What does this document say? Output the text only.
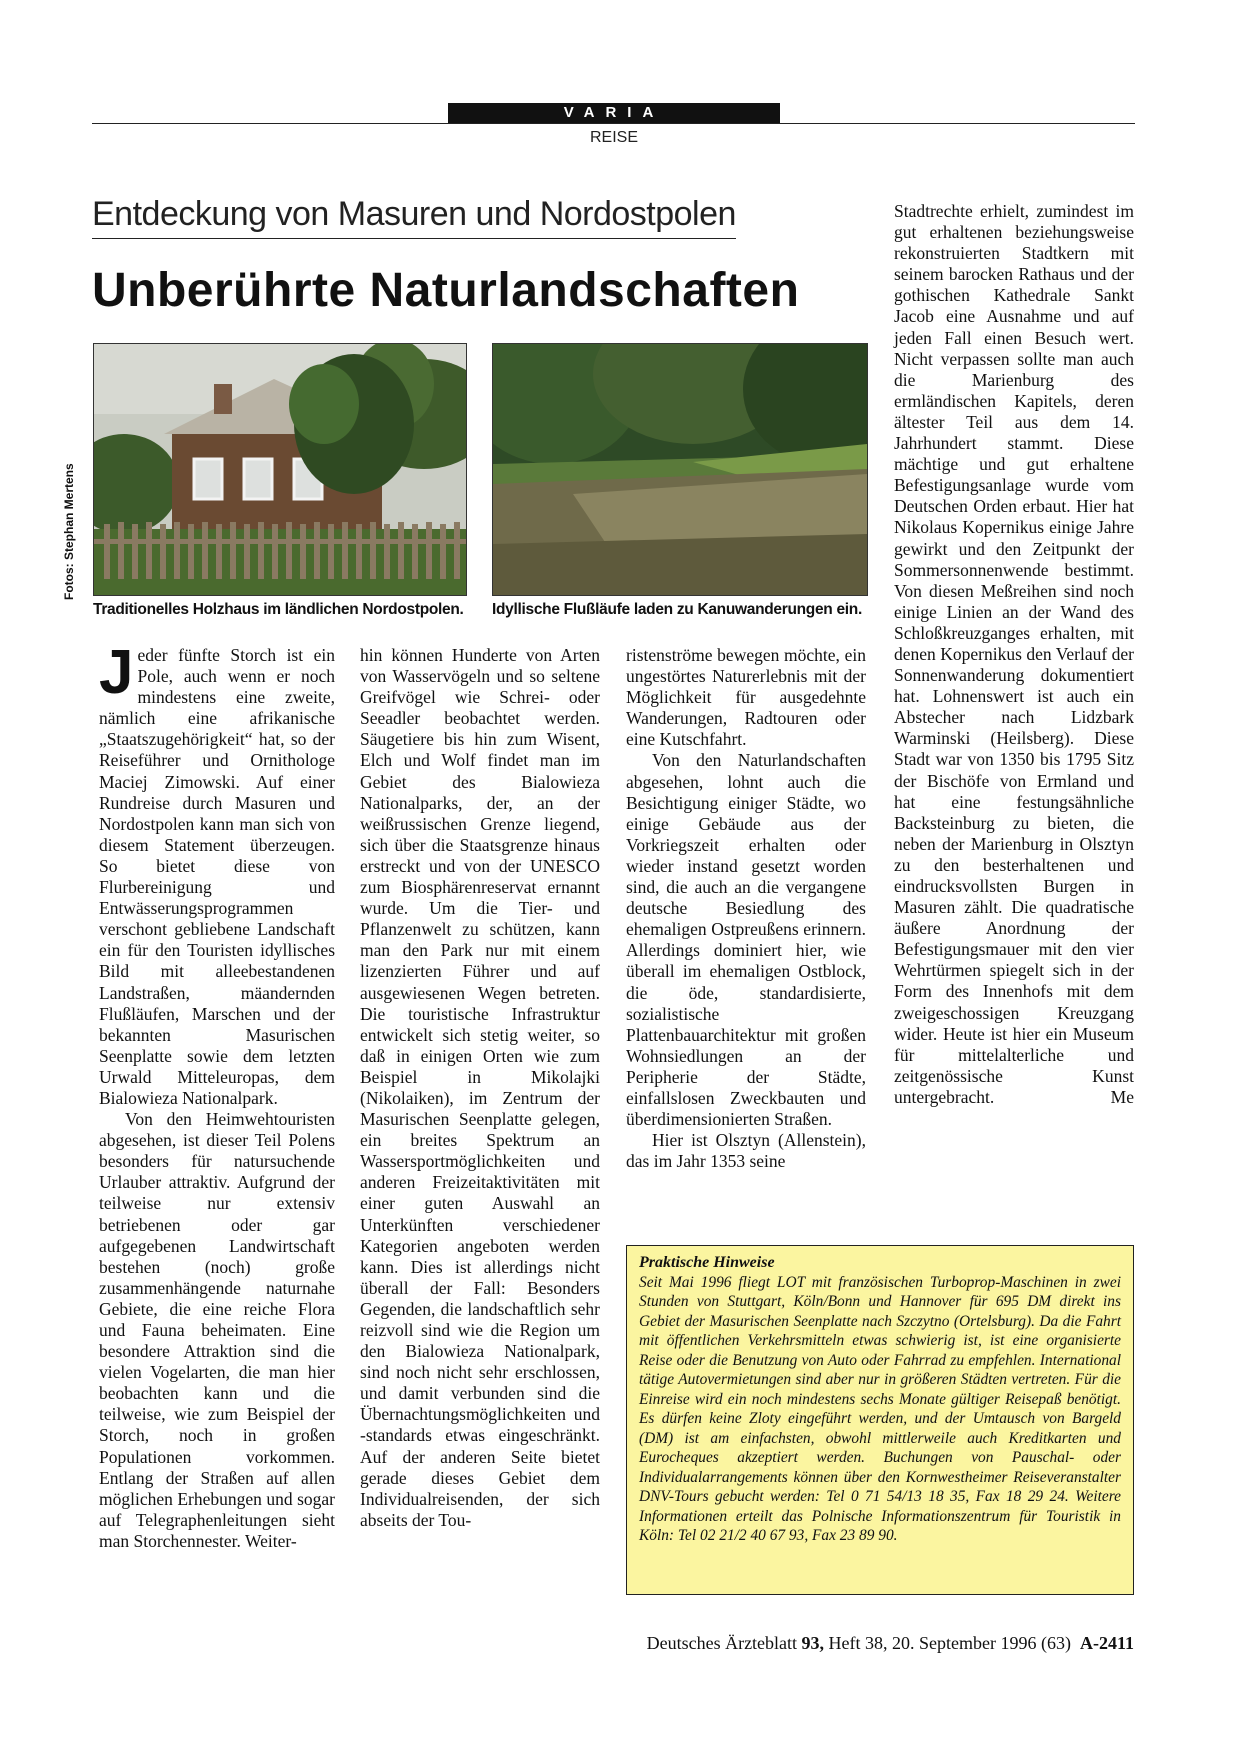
VARIA
REISE
Entdeckung von Masuren und Nordostpolen
Unberührte Naturlandschaften
Fotos: Stephan Mertens
Traditionelles Holzhaus im ländlichen Nordostpolen. Idyllische Flußläufe laden zu Kanuwanderungen ein.

Jeder fünfte Storch ist ein Pole, auch wenn er noch mindestens eine zweite, nämlich eine afrikanische „Staatszugehörigkeit“ hat, so der Reiseführer und Ornithologe Maciej Zimowski. Auf einer Rundreise durch Masuren und Nordostpolen kann man sich von diesem Statement überzeugen. So bietet diese von Flurbereinigung und Entwässerungsprogrammen verschont gebliebene Landschaft ein für den Touristen idyllisches Bild mit alleebestandenen Landstraßen, mäandernden Flußläufen, Marschen und der bekannten Masurischen Seenplatte sowie dem letzten Urwald Mitteleuropas, dem Bialowieza Nationalpark.

Von den Heimwehtouristen abgesehen, ist dieser Teil Polens besonders für natursuchende Urlauber attraktiv. Aufgrund der teilweise nur extensiv betriebenen oder gar aufgegebenen Landwirtschaft bestehen (noch) große zusammenhängende naturnahe Gebiete, die eine reiche Flora und Fauna beheimaten. Eine besondere Attraktion sind die vielen Vogelarten, die man hier beobachten kann und die teilweise, wie zum Beispiel der Storch, noch in großen Populationen vorkommen. Entlang der Straßen auf allen möglichen Erhebungen und sogar auf Telegraphenleitungen sieht man Storchennester. Weiter-

hin können Hunderte von Arten von Wasservögeln und so seltene Greifvögel wie Schrei- oder Seeadler beobachtet werden. Säugetiere bis hin zum Wisent, Elch und Wolf findet man im Gebiet des Bialowieza Nationalparks, der, an der weißrussischen Grenze liegend, sich über die Staatsgrenze hinaus erstreckt und von der UNESCO zum Biosphärenreservat ernannt wurde. Um die Tier- und Pflanzenwelt zu schützen, kann man den Park nur mit einem lizenzierten Führer und auf ausgewiesenen Wegen betreten. Die touristische Infrastruktur entwickelt sich stetig weiter, so daß in einigen Orten wie zum Beispiel in Mikolajki (Nikolaiken), im Zentrum der Masurischen Seenplatte gelegen, ein breites Spektrum an Wassersportmöglichkeiten und anderen Freizeitaktivitäten mit einer guten Auswahl an Unterkünften verschiedener Kategorien angeboten werden kann. Dies ist allerdings nicht überall der Fall: Besonders Gegenden, die landschaftlich sehr reizvoll sind wie die Region um den Bialowieza Nationalpark, sind noch nicht sehr erschlossen, und damit verbunden sind die Übernachtungsmöglichkeiten und -standards etwas eingeschränkt. Auf der anderen Seite bietet gerade dieses Gebiet dem Individualreisenden, der sich abseits der Tou-

ristenströme bewegen möchte, ein ungestörtes Naturerlebnis mit der Möglichkeit für ausgedehnte Wanderungen, Radtouren oder eine Kutschfahrt.

Von den Naturlandschaften abgesehen, lohnt auch die Besichtigung einiger Städte, wo einige Gebäude aus der Vorkriegszeit erhalten oder wieder instand gesetzt worden sind, die auch an die vergangene deutsche Besiedlung des ehemaligen Ostpreußens erinnern. Allerdings dominiert hier, wie überall im ehemaligen Ostblock, die öde, standardisierte, sozialistische Plattenbauarchitektur mit großen Wohnsiedlungen an der Peripherie der Städte, einfallslosen Zweckbauten und überdimensionierten Straßen.

Hier ist Olsztyn (Allenstein), das im Jahr 1353 seine

Stadtrechte erhielt, zumindest im gut erhaltenen beziehungsweise rekonstruierten Stadtkern mit seinem barocken Rathaus und der gothischen Kathedrale Sankt Jacob eine Ausnahme und auf jeden Fall einen Besuch wert. Nicht verpassen sollte man auch die Marienburg des ermländischen Kapitels, deren ältester Teil aus dem 14. Jahrhundert stammt. Diese mächtige und gut erhaltene Befestigungsanlage wurde vom Deutschen Orden erbaut. Hier hat Nikolaus Kopernikus einige Jahre gewirkt und den Zeitpunkt der Sommersonnenwende bestimmt. Von diesen Meßreihen sind noch einige Linien an der Wand des Schloßkreuzganges erhalten, mit denen Kopernikus den Verlauf der Sonnenwanderung dokumentiert hat. Lohnenswert ist auch ein Abstecher nach Lidzbark Warminski (Heilsberg). Diese Stadt war von 1350 bis 1795 Sitz der Bischöfe von Ermland und hat eine festungsähnliche Backsteinburg zu bieten, die neben der Marienburg in Olsztyn zu den besterhaltenen und eindrucksvollsten Burgen in Masuren zählt. Die quadratische äußere Anordnung der Befestigungsmauer mit den vier Wehrtürmen spiegelt sich in der Form des Innenhofs mit dem zweigeschossigen Kreuzgang wider. Heute ist hier ein Museum für mittelalterliche und zeitgenössische Kunst untergebracht.	Me

Praktische Hinweise
Seit Mai 1996 fliegt LOT mit französischen Turboprop-Maschinen in zwei Stunden von Stuttgart, Köln/Bonn und Hannover für 695 DM direkt ins Gebiet der Masurischen Seenplatte nach Szczytno (Ortelsburg). Da die Fahrt mit öffentlichen Verkehrsmitteln etwas schwierig ist, ist eine organisierte Reise oder die Benutzung von Auto oder Fahrrad zu empfehlen. International tätige Autovermietungen sind aber nur in größeren Städten vertreten. Für die Einreise wird ein noch mindestens sechs Monate gültiger Reisepaß benötigt. Es dürfen keine Zloty eingeführt werden, und der Umtausch von Bargeld (DM) ist am einfachsten, obwohl mittlerweile auch Kreditkarten und Eurocheques akzeptiert werden. Buchungen von Pauschal- oder Individualarrangements können über den Kornwestheimer Reiseveranstalter DNV-Tours gebucht werden: Tel 0 71 54/13 18 35, Fax 18 29 24. Weitere Informationen erteilt das Polnische Informationszentrum für Touristik in Köln: Tel 02 21/2 40 67 93, Fax 23 89 90.
Deutsches Ärzteblatt 93, Heft 38, 20. September 1996 (63) A-2411
